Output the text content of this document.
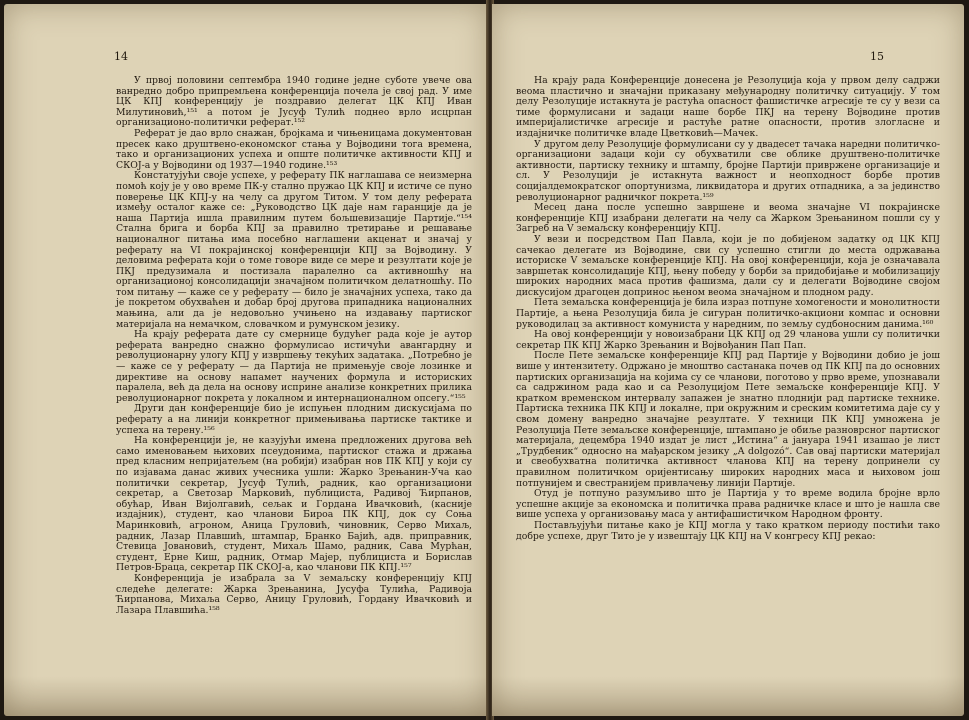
14

У првој половини септембра 1940 године једне суботе увече ова ванредно добро припремљена конференција почела је свој рад. У име ЦК КПЈ конференцију је поздравио делегат ЦК КПЈ Иван Милутиновић,¹⁵¹ а потом је Јусуф Тулић поднео врло исцрпан организационо-политички реферат.¹⁵²

Реферат је дао врло снажан, бројкама и чињеницама документован пресек како друштвено-економског стања у Војводини тога времена, тако и организационих успеха и опште политичке активности КПЈ и СКОЈ-а у Војводини од 1937—1940 године.¹⁵³

Констатујући своје успехе, у реферату ПК наглашава се неизмерна помоћ коју је у ово време ПК-у стално пружао ЦК КПЈ и истиче се пуно поверење ЦК КПЈ-у на челу са другом Титом. У том делу реферата између осталог каже се: „Руководство ЦК даје нам гаранције да је наша Партија ишла правилним путем бољшевизације Партије.“¹⁵⁴ Стална брига и борба КПЈ за правилно третирање и решавање националног питања има посебно наглашени акценат и значај у реферату на VI покрајинској конференцији КПЈ за Војводину. У деловима реферата који о томе говоре виде се мере и резултати које је ПКЈ предузимала и постизала паралелно са активношћу на организационој консолидацији значајном политичком делатношћу. По том питању — каже се у реферату — било је значајних успеха, тако да је покретом обухваћен и добар број другова припадника националних мањина, али да је недовољно учињено на издавању партиског материјала на немачком, словачком и румунском језику.

На крају реферата дате су смернице будућег рада које је аутор реферата ванредно снажно формулисао истичући авангардну и револуционарну улогу КПЈ у извршењу текућих задатака. „Потребно је — каже се у реферату — да Партија не примењује своје лозинке и директиве на основу напамет научених формула и историских паралела, већ да дела на основу исприне анализе конкретних прилика револуционарног покрета у локалном и интернационалном опсегу.“¹⁵⁵

Други дан конференције био је испуњен плодним дискусијама по реферату а на линији конкретног примењивања партиске тактике и успеха на терену.¹⁵⁶

На конференцији је, не казујући имена предложених другова већ само именовањем њихових псеудонима, партиског стажа и држања пред класним непријатељем (на робији) изабран нов ПК КПЈ у који су по изјавама данас живих учесника ушли: Жарко Зрењанин-Уча као политички секретар, Јусуф Тулић, радник, као организациони секретар, а Светозар Марковић, публициста, Радивој Ћирпанов, обућар, Иван Вијолгавић, сељак и Гордана Ивачковић, (касније издајник), студент, као чланови Бироа ПК КПЈ, док су Соња Маринковић, агроном, Аница Груловић, чиновник, Серво Михаљ, радник, Лазар Плавшић, штампар, Бранко Бајић, адв. приправник, Стевица Јовановић, студент, Михаљ Шамо, радник, Сава Мурћан, студент, Ерне Киш, радник, Отмар Мајер, публициста и Борислав Петров-Браца, секретар ПК СКОЈ-а, као чланови ПК КПЈ.¹⁵⁷

Конференција је изабрала за V земаљску конференцију КПЈ следеће делегате: Жарка Зрењанина, Јусуфа Тулића, Радивоја Ћирпанова, Михаља Серво, Аницу Груловић, Гордану Ивачковић и Лазара Плавшића.¹⁵⁸

15

На крају рада Конференције донесена је Резолуција која у првом делу садржи веома пластично и значајни приказану међународну политичку ситуацију. У том делу Резолуције истакнута је растућа опасност фашистичке агресије те су у вези са тиме формулисани и задаци наше борбе ПКЈ на терену Војводине против империјалистичке агресије и растуће ратне опасности, против злогласне и издајничке политичке владе Цветковић—Мачек.

У другом делу Резолуције формулисани су у двадесет тачака наредни политичко-организациони задаци који су обухватили све облике друштвено-политичке активности, партиску технику и штампу, бројне Партији привржене организације и сл. У Резолуцији је истакнута важност и неопходност борбе против социјалдемократског опортунизма, ликвидатора и других отпадника, а за јединство револуционарног радничког покрета.¹⁵⁹

Месец дана после успешно завршене и веома значајне VI покрајинске конференције КПЈ изабрани делегати на челу са Жарком Зрењанином пошли су у Загреб на V земаљску конференцију КПЈ.

У вези и посредством Пап Павла, који је по добијеном задатку од ЦК КПЈ сачекао делегате из Војводине, сви су успешно стигли до места одржавања историске V земаљске конференције КПЈ. На овој конференцији, која је означавала завршетак консолидације КПЈ, њену победу у борби за придобијање и мобилизацију широких народних маса против фашизма, дали су и делегати Војводине својом дискусијом драгоцен допринос њеном веома значајном и плодном раду.

Пета земаљска конференција је била израз потпуне хомогености и монолитности Партије, а њена Резолуција била је сигуран политичко-акциони компас и основни руководилац за активност комуниста у наредним, по земљу судбоносним данима.¹⁶⁰

На овој конференцији у новоизабрани ЦК КПЈ од 29 чланова ушли су политички секретар ПК КПЈ Жарко Зрењанин и Војвођанин Пап Пап.

После Пете земаљске конференције КПЈ рад Партије у Војводини добио је још више у интензитету. Одржано је мноштво састанака почев од ПК КПЈ па до основних партиских организација на којима су се чланови, поготово у прво време, упознавали са садржином рада као и са Резолуцијом Пете земаљске конференције КПЈ. У кратком временском интервалу запажен је знатно плоднији рад партиске технике. Партиска техника ПК КПЈ и локалне, при окружним и срeским комитетима даје су у свом домену ванредно значајне резултате. У техници ПК КПЈ умножена је Резолуција Пете земаљске конференције, штампано је обиље разноврсног партиског материјала, децембра 1940 издат је лист „Истина“ а јануара 1941 изашао је лист „Трудбеник“ односно на мађарском језику „A dolgozó“. Сав овај партиски материјал и свеобухватна политичка активност чланова КПЈ на терену допринели су правилном политичком оријентисању широких народних маса и њиховом још потпунијем и свестранијем привлачењу линији Партије.

Отуд је потпуно разумљиво што је Партија у то време водила бројне врло успешне акције за економска и политичка права радничке класе и што је нашла све више успеха у организовању маса у антифашистичком Народном фронту.

Постављујући питање како је КПЈ могла у тако кратком периоду постићи тако добре успехе, друг Тито је у извештају ЦК КПЈ на V конгресу КПЈ рекао:
